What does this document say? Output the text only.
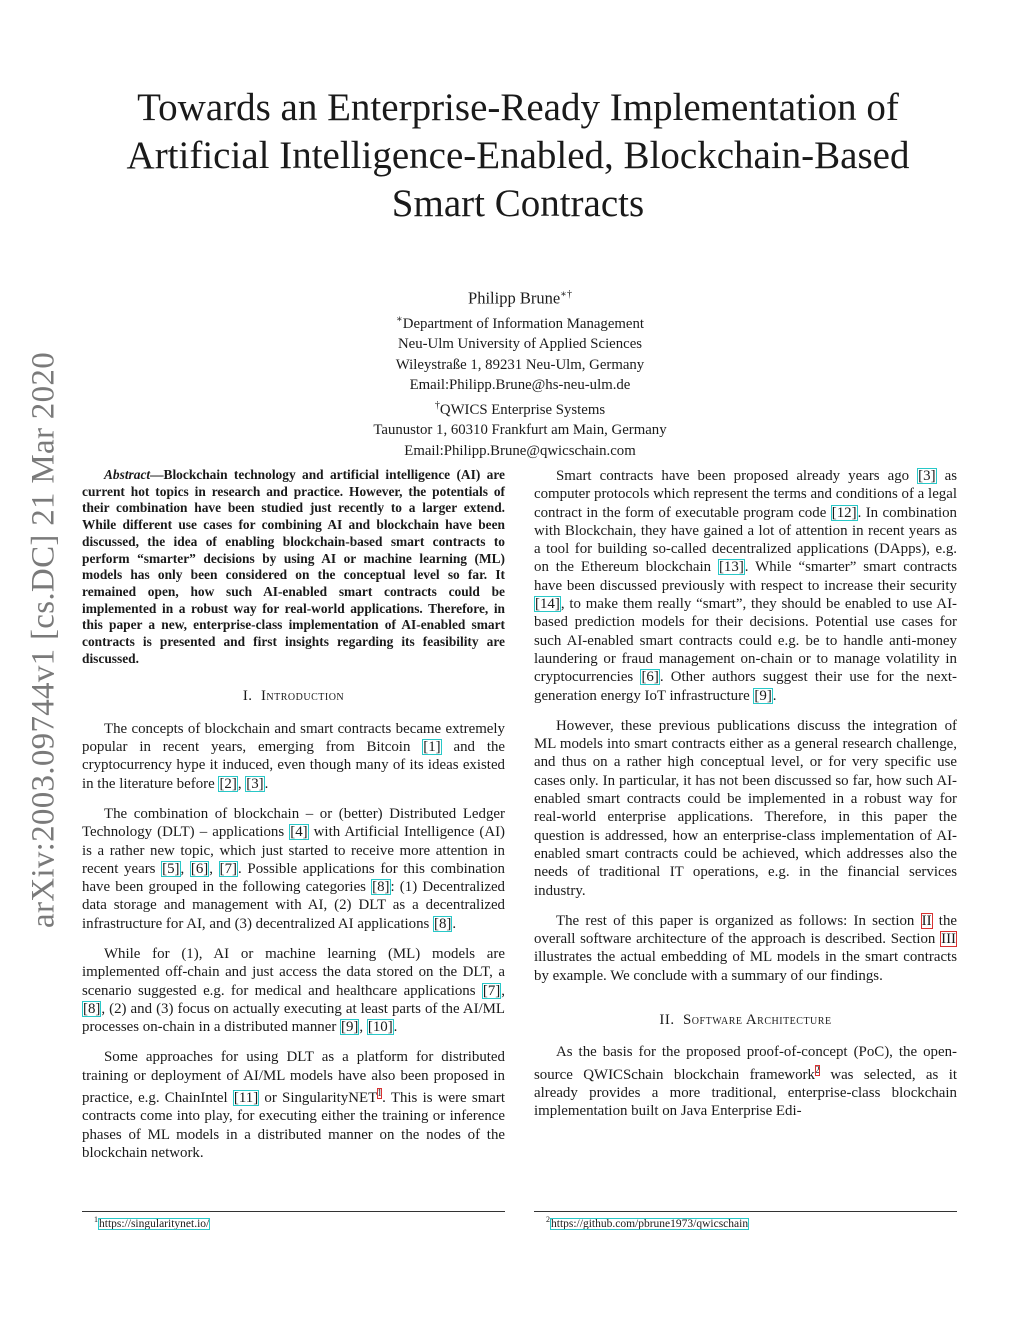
arXiv:2003.09744v1 [cs.DC] 21 Mar 2020
Towards an Enterprise-Ready Implementation of Artificial Intelligence-Enabled, Blockchain-Based Smart Contracts
Philipp Brune∗†
∗Department of Information Management
Neu-Ulm University of Applied Sciences
Wileystraße 1, 89231 Neu-Ulm, Germany
Email:Philipp.Brune@hs-neu-ulm.de
†QWICS Enterprise Systems
Taunustor 1, 60310 Frankfurt am Main, Germany
Email:Philipp.Brune@qwicschain.com

Abstract—Blockchain technology and artificial intelligence (AI) are current hot topics in research and practice. However, the potentials of their combination have been studied just recently to a larger extend. While different use cases for combining AI and blockchain have been discussed, the idea of enabling blockchain-based smart contracts to perform “smarter” decisions by using AI or machine learning (ML) models has only been considered on the conceptual level so far. It remained open, how such AI-enabled smart contracts could be implemented in a robust way for real-world applications. Therefore, in this paper a new, enterprise-class implementation of AI-enabled smart contracts is presented and first insights regarding its feasibility are discussed.

I. Introduction

The concepts of blockchain and smart contracts became extremely popular in recent years, emerging from Bitcoin [1] and the cryptocurrency hype it induced, even though many of its ideas existed in the literature before [2], [3].

The combination of blockchain – or (better) Distributed Ledger Technology (DLT) – applications [4] with Artificial Intelligence (AI) is a rather new topic, which just started to receive more attention in recent years [5], [6], [7]. Possible applications for this combination have been grouped in the following categories [8]: (1) Decentralized data storage and management with AI, (2) DLT as a decentralized infrastructure for AI, and (3) decentralized AI applications [8].

While for (1), AI or machine learning (ML) models are implemented off-chain and just access the data stored on the DLT, a scenario suggested e.g. for medical and healthcare applications [7], [8], (2) and (3) focus on actually executing at least parts of the AI/ML processes on-chain in a distributed manner [9], [10].

Some approaches for using DLT as a platform for distributed training or deployment of AI/ML models have also been proposed in practice, e.g. ChainIntel [11] or SingularityNET$^1$. This is were smart contracts come into play, for executing either the training or inference phases of ML models in a distributed manner on the nodes of the blockchain network.

Smart contracts have been proposed already years ago [3] as computer protocols which represent the terms and conditions of a legal contract in the form of executable program code [12]. In combination with Blockchain, they have gained a lot of attention in recent years as a tool for building so-called decentralized applications (DApps), e.g. on the Ethereum blockchain [13]. While “smarter” smart contracts have been discussed previously with respect to increase their security [14], to make them really “smart”, they should be enabled to use AI-based prediction models for their decisions. Potential use cases for such AI-enabled smart contracts could e.g. be to handle anti-money laundering or fraud management on-chain or to manage volatility in cryptocurrencies [6]. Other authors suggest their use for the next-generation energy IoT infrastructure [9].

However, these previous publications discuss the integration of ML models into smart contracts either as a general research challenge, and thus on a rather high conceptual level, or for very specific use cases only. In particular, it has not been discussed so far, how such AI-enabled smart contracts could be implemented in a robust way for real-world enterprise applications. Therefore, in this paper the question is addressed, how an enterprise-class implementation of AI-enabled smart contracts could be achieved, which addresses also the needs of traditional IT operations, e.g. in the financial services industry.

The rest of this paper is organized as follows: In section II the overall software architecture of the approach is described. Section III illustrates the actual embedding of ML models in the smart contracts by example. We conclude with a summary of our findings.

II. Software Architecture

As the basis for the proposed proof-of-concept (PoC), the open-source QWICSchain blockchain framework$^2$ was selected, as it already provides a more traditional, enterprise-class blockchain implementation built on Java Enterprise Edi-

$^1$https://singularitynet.io/	$^2$https://github.com/pbrune1973/qwicschain
